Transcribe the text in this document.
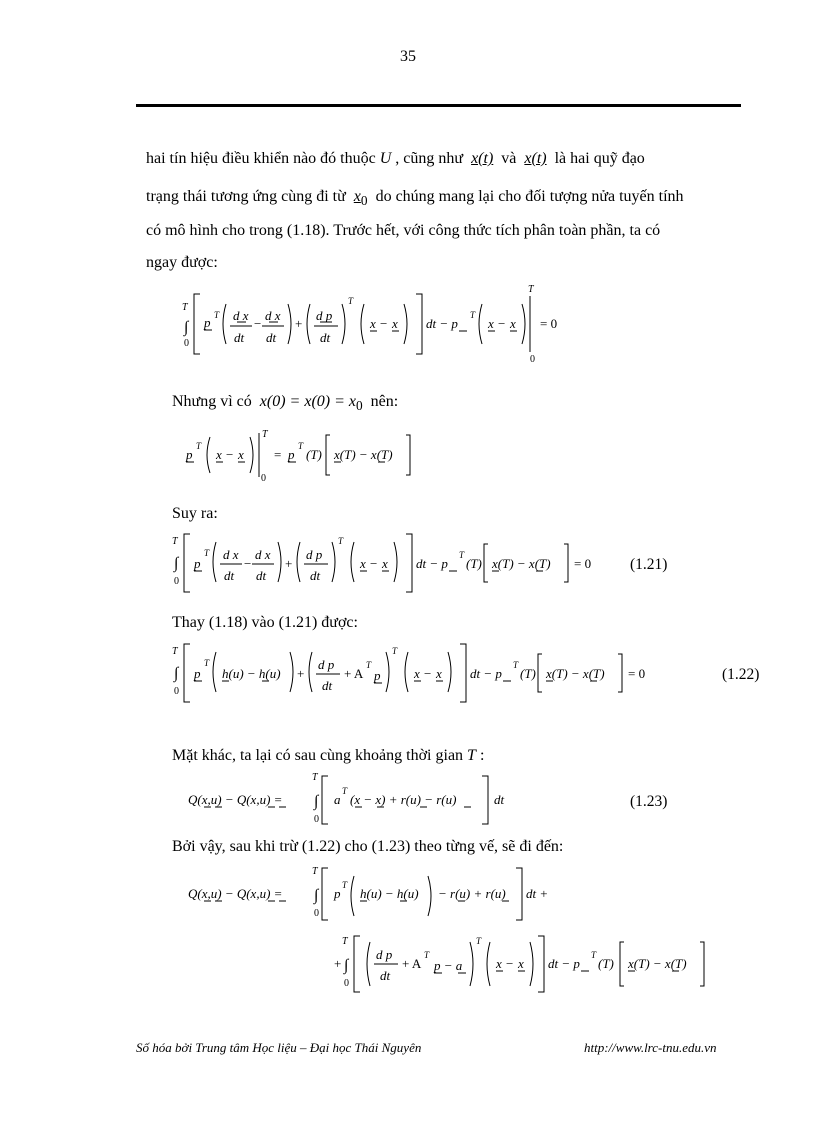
35
hai tín hiệu điều khiển nào đó thuộc U , cũng như x(t) và x(t) là hai quỹ đạo
trạng thái tương ứng cùng đi từ $x_0$ do chúng mang lại cho đối tượng nửa tuyến tính
có mô hình cho trong (1.18). Trước hết, với công thức tích phân toàn phần, ta có
ngay được:
T
∫
0
p T d x
dt
−
d x
dt
+
d p
dt
T
x − x dt − p
T
x − x
T
0
= 0
Nhưng vì có $x(0) = x(0) = x_0$ nên:
p
T
x − x
T
0
= p
T
(T) x(T) − x(T)
Suy ra:
T
∫
0
p
T d x
dt
−
d x
dt
+
d p
dt
T
x − x dt − p
T
(T) x(T) − x(T) = 0	(1.21)
Thay (1.18) vào (1.21) được:
T
∫
0
p
T
h(u) − h(u) +
d p
dt
+ A
T
p
T
x − x dt − p
T
(T) x(T) − x(T) = 0	(1.22)
Mặt khác, ta lại có sau cùng khoảng thời gian T :
Q(x,u) − Q(x,u) =
T
∫
0
a
T
(x − x) + r(u) − r(u)	dt	(1.23)
Bởi vậy, sau khi trừ (1.22) cho (1.23) theo từng vế, sẽ đi đến:
Q(x,u) − Q(x,u) =
T
∫
0
p
T
h(u) − h(u) − r(u) + r(u) dt +
T
+ ∫
0
d p
dt
+ A
T
p − a
T
x − x dt − p
T
(T) x(T) − x(T)
Số hóa bởi Trung tâm Học liệu – Đại học Thái Nguyên	http://www.lrc-tnu.edu.vn
